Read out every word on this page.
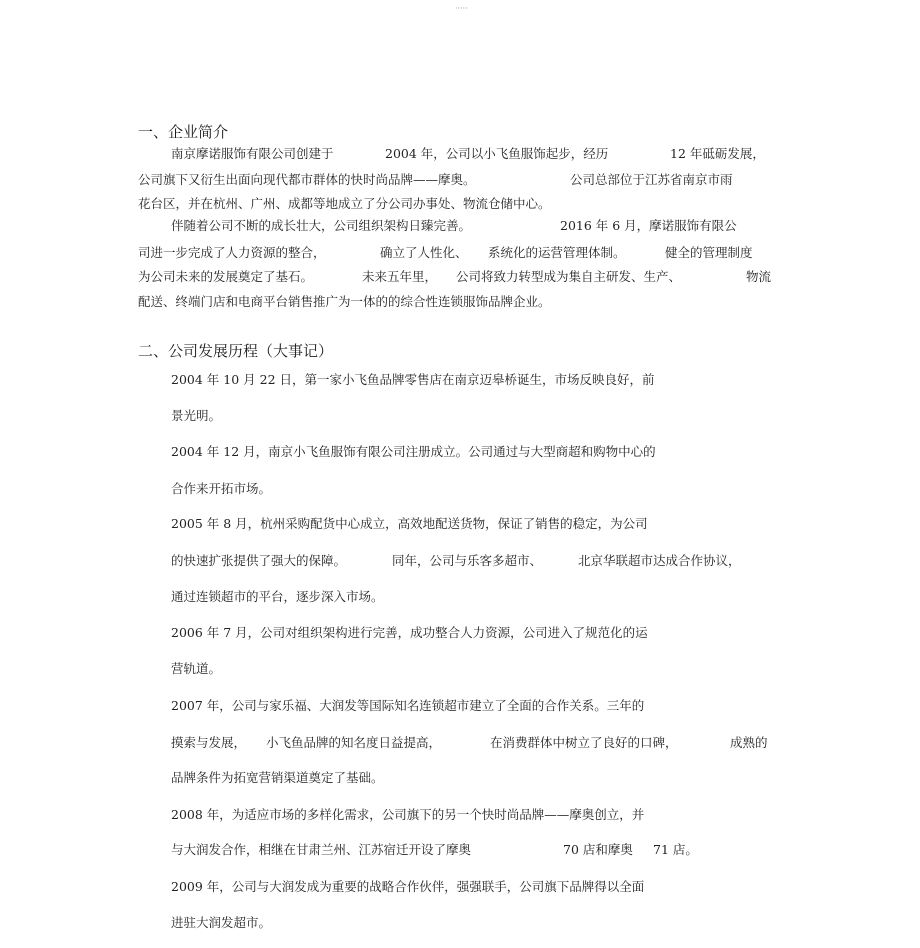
·····
一、企业简介
南京摩诺服饰有限公司创建于	2004 年，公司以小飞鱼服饰起步，经历	12 年砥砺发展，
公司旗下又衍生出面向现代都市群体的快时尚品牌——摩奥。	公司总部位于江苏省南京市雨
花台区，并在杭州、广州、成都等地成立了分公司办事处、物流仓储中心。
伴随着公司不断的成长壮大，公司组织架构日臻完善。	2016 年 6 月，摩诺服饰有限公
司进一步完成了人力资源的整合，	确立了人性化、 系统化的运营管理体制。	健全的管理制度
为公司未来的发展奠定了基石。	未来五年里， 公司将致力转型成为集自主研发、生产、	物流
配送、终端门店和电商平台销售推广为一体的的综合性连锁服饰品牌企业。
二、公司发展历程（大事记）
2004 年 10 月 22 日，第一家小飞鱼品牌零售店在南京迈皋桥诞生，市场反映良好，前
景光明。
2004 年 12 月，南京小飞鱼服饰有限公司注册成立。公司通过与大型商超和购物中心的
合作来开拓市场。
2005 年 8 月，杭州采购配货中心成立，高效地配送货物，保证了销售的稳定，为公司
的快速扩张提供了强大的保障。	同年，公司与乐客多超市、	北京华联超市达成合作协议，
通过连锁超市的平台，逐步深入市场。
2006 年 7 月，公司对组织架构进行完善，成功整合人力资源，公司进入了规范化的运
营轨道。
2007 年，公司与家乐福、大润发等国际知名连锁超市建立了全面的合作关系。三年的
摸索与发展， 小飞鱼品牌的知名度日益提高，	在消费群体中树立了良好的口碑，	成熟的
品牌条件为拓宽营销渠道奠定了基础。
2008 年，为适应市场的多样化需求，公司旗下的另一个快时尚品牌——摩奥创立，并
与大润发合作，相继在甘肃兰州、江苏宿迁开设了摩奥	70 店和摩奥 71 店。
2009 年，公司与大润发成为重要的战略合作伙伴，强强联手，公司旗下品牌得以全面
进驻大润发超市。
